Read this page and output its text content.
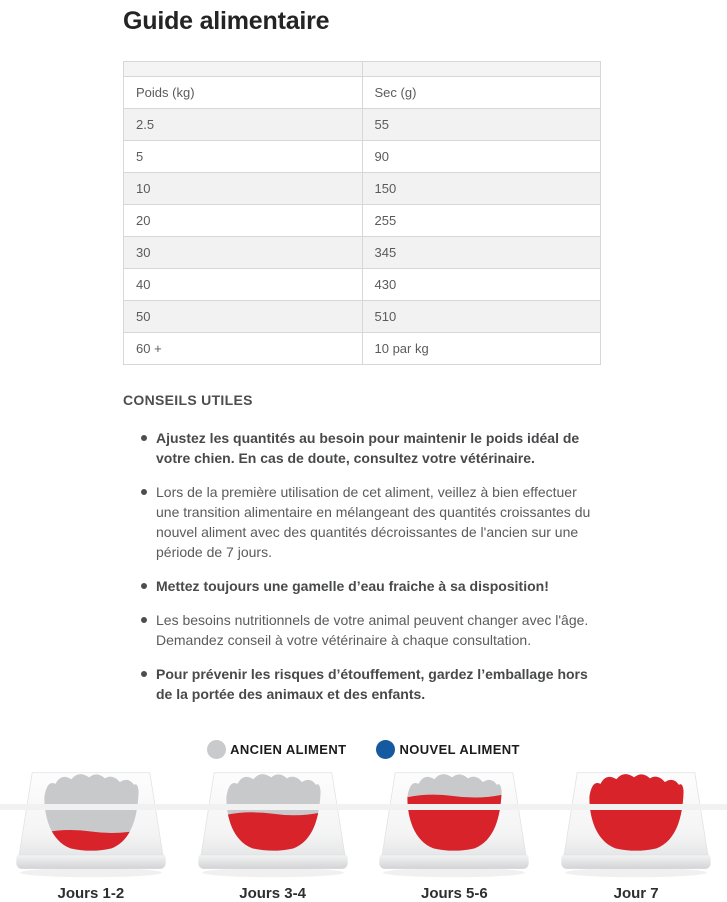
Guide alimentaire

Poids (kg)	Sec (g)
2.5	55
5	90
10	150
20	255
30	345
40	430
50	510
60 +	10 par kg
CONSEILS UTILES
Ajustez les quantités au besoin pour maintenir le poids idéal de votre chien. En cas de doute, consultez votre vétérinaire.
Lors de la première utilisation de cet aliment, veillez à bien effectuer une transition alimentaire en mélangeant des quantités croissantes du nouvel aliment avec des quantités décroissantes de l'ancien sur une période de 7 jours.
Mettez toujours une gamelle d’eau fraiche à sa disposition!
Les besoins nutritionnels de votre animal peuvent changer avec l'âge. Demandez conseil à votre vétérinaire à chaque consultation.
Pour prévenir les risques d’étouffement, gardez l’emballage hors de la portée des animaux et des enfants.
ANCIEN ALIMENT	NOUVEL ALIMENT
Jours 1-2	Jours 3-4	Jours 5-6	Jour 7
